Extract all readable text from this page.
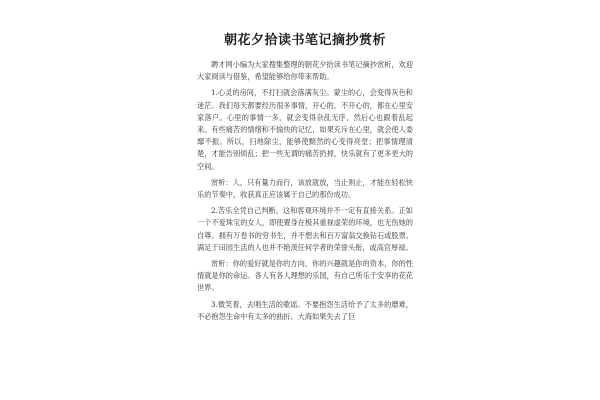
朝花夕拾读书笔记摘抄赏析

聘才网小编为大家搜集整理的朝花夕拾读书笔记摘抄赏析，欢迎大家阅读与借鉴，希望能够给你带来帮助。

1.心灵的房间，不打扫就会落满灰尘。蒙尘的心，会变得灰色和迷茫。我们每天都要经历很多事情，开心的，不开心的，都在心里安家落户。心里的事情一多，就会变得杂乱无序，然后心也跟着乱起来。有些痛苦的情绪和不愉快的记忆，如果充斥在心里，就会使人委靡不振。所以，扫地除尘，能够使黯然的心变得亮堂；把事情理清楚，才能告别烦乱；把一些无谓的痛苦扔掉，快乐就有了更多更大的空间。

赏析：人，只有量力而行，该放就放，当止则止，才能在轻松快乐的节奏中，收获真正应该属于自己的那份成功。

2.苦乐全凭自己判断，这和客观环境并不一定有直接关系。正如一个不爱珠宝的女人，即使置身在极其重视虚荣的环境，也无伤她的自尊。拥有万卷书的穷书生，并不想去和百万富翁交换钻石或股票。满足于田园生活的人也并不艳羡任何学者的荣誉头衔，或高官厚禄。

赏析：你的爱好就是你的方向，你的兴趣就是你的资本，你的性情就是你的命运。各人有各人理想的乐园，有自己所乐于安享的花花世界。

3.微笑着，去唱生活的歌谣。不要抱怨生活给予了太多的磨难，不必抱怨生命中有太多的曲折。大海如果失去了巨
